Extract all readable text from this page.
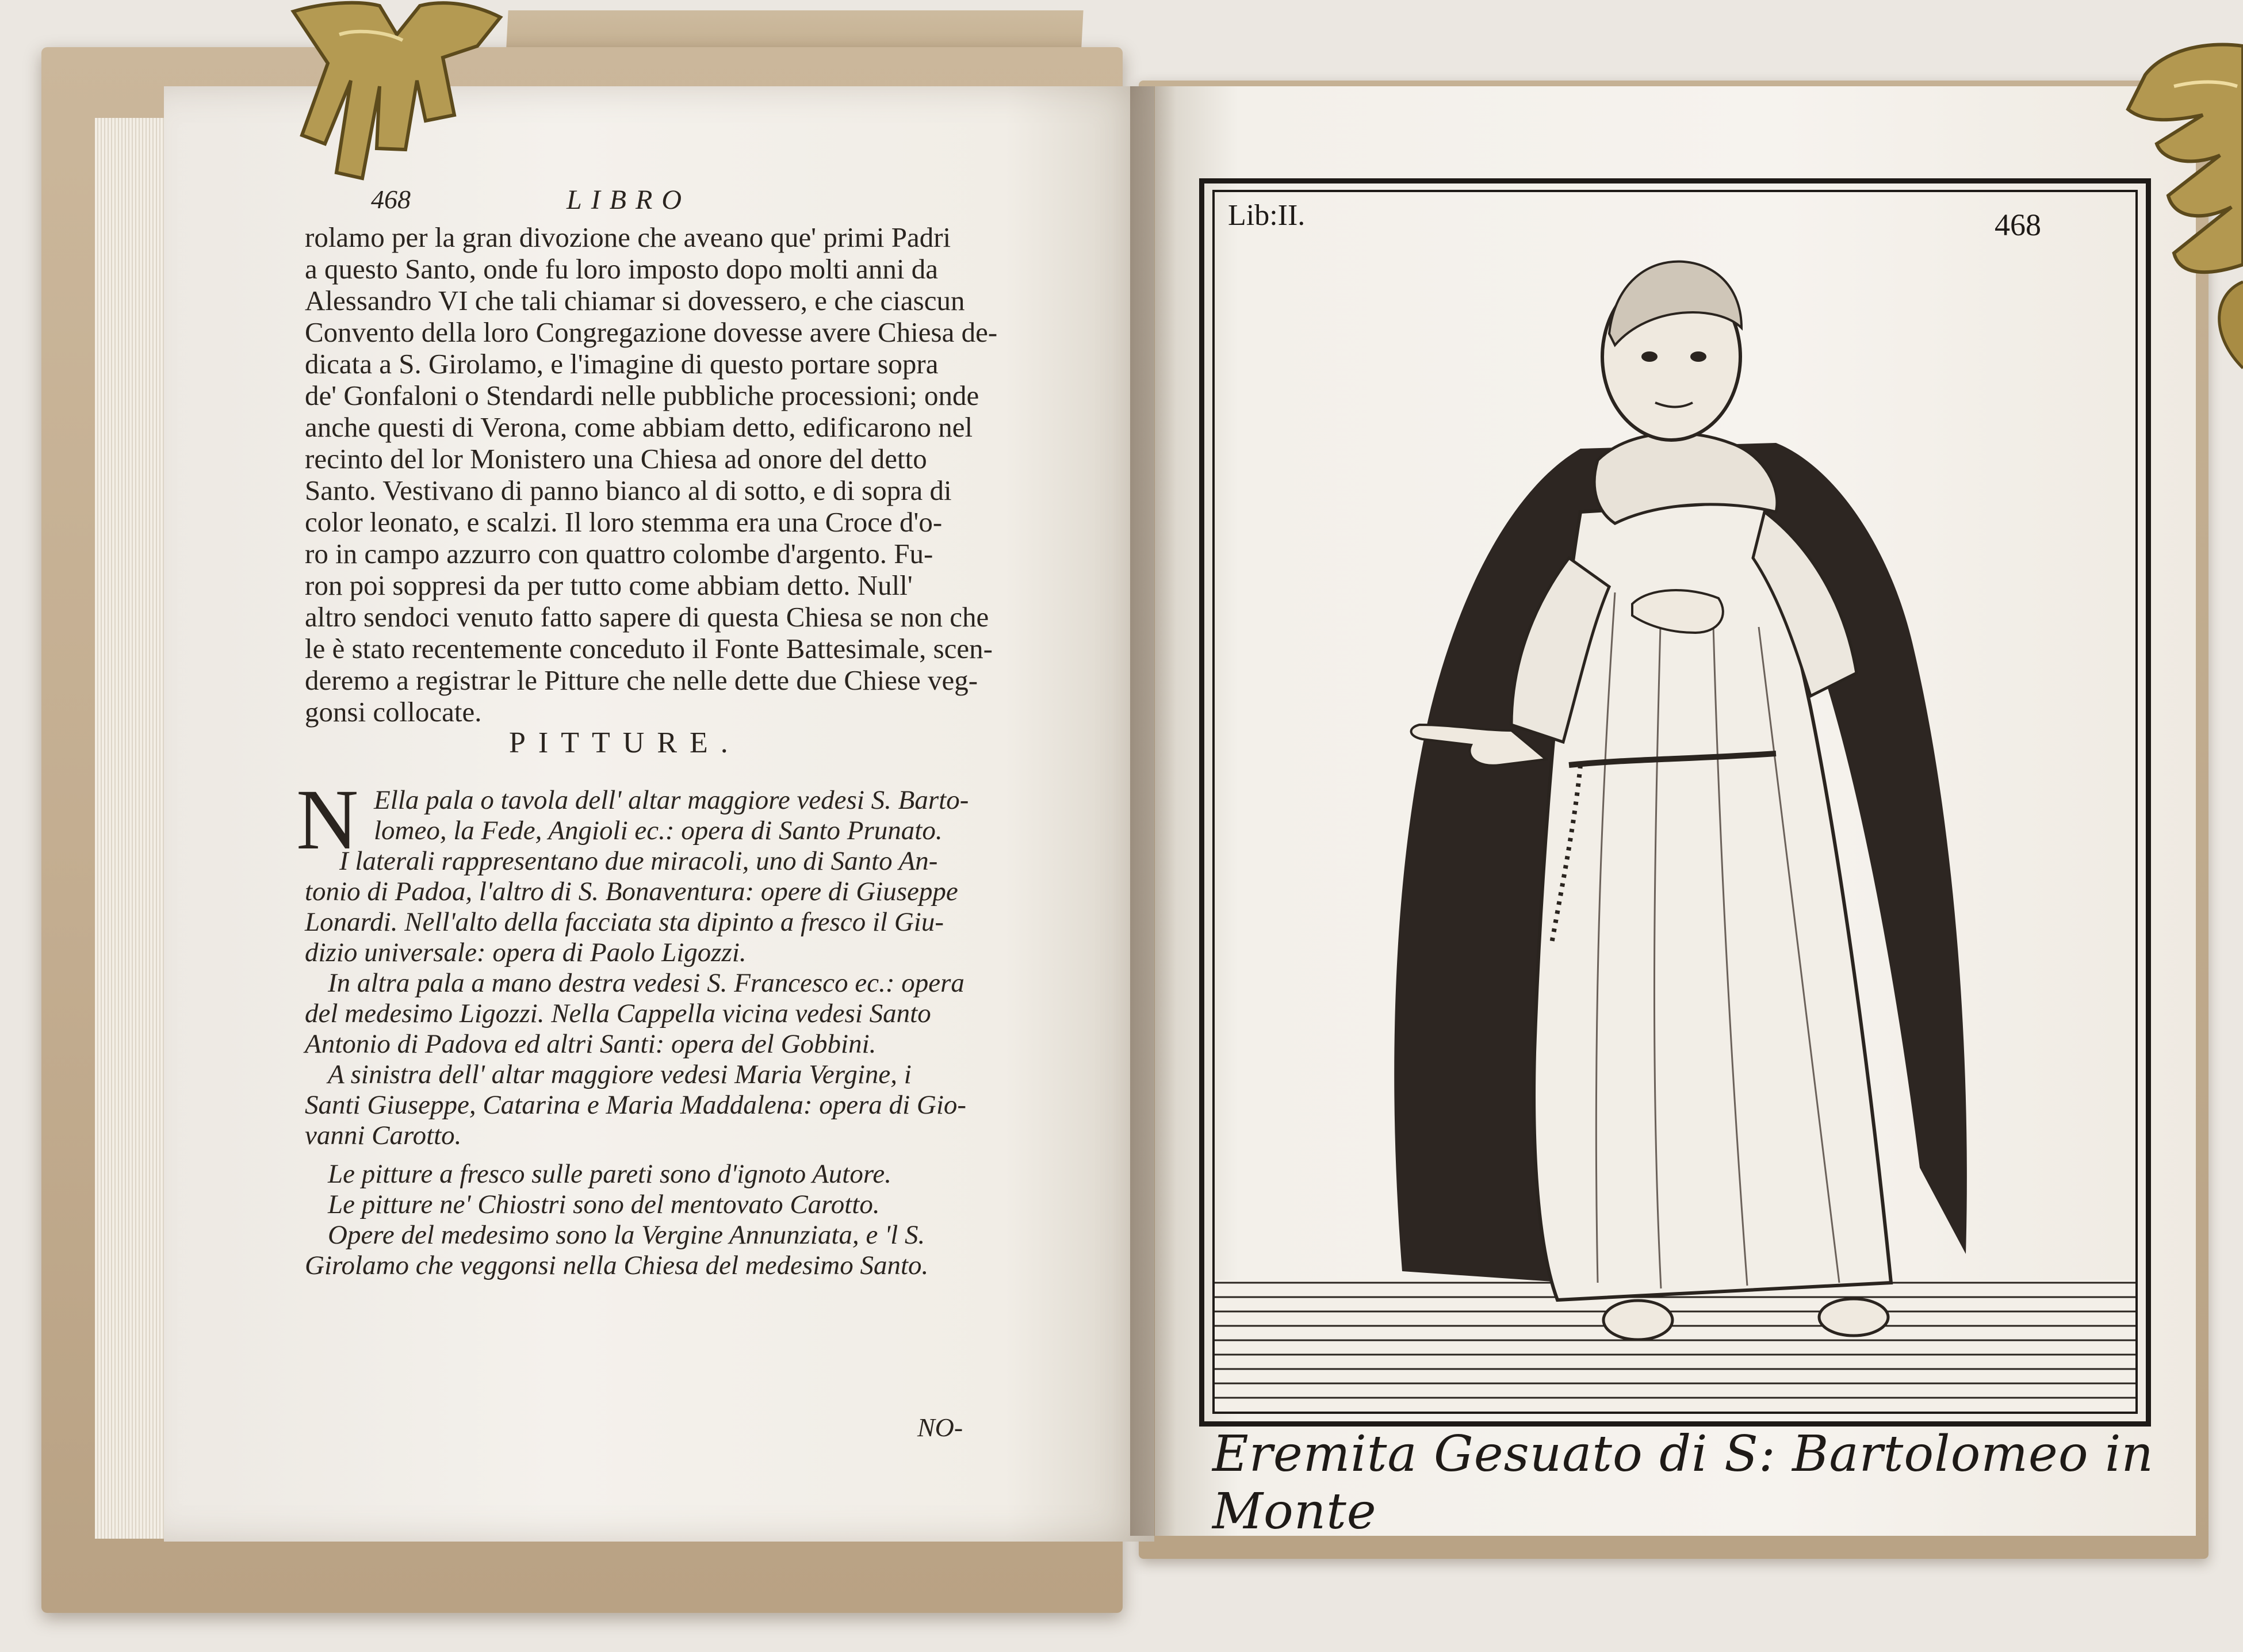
468	LIBRO
rolamo per la gran divozione che aveano que' primi Padri
a questo Santo, onde fu loro imposto dopo molti anni da
Alessandro VI che tali chiamar si dovessero, e che ciascun
Convento della loro Congregazione dovesse avere Chiesa de-
dicata a S. Girolamo, e l'imagine di questo portare sopra
de' Gonfaloni o Stendardi nelle pubbliche processioni; onde
anche questi di Verona, come abbiam detto, edificarono nel
recinto del lor Monistero una Chiesa ad onore del detto
Santo. Vestivano di panno bianco al di sotto, e di sopra di
color leonato, e scalzi. Il loro stemma era una Croce d'o-
ro in campo azzurro con quattro colombe d'argento. Fu-
ron poi soppresi da per tutto come abbiam detto. Null'
altro sendoci venuto fatto sapere di questa Chiesa se non che
le è stato recentemente conceduto il Fonte Battesimale, scen-
deremo a registrar le Pitture che nelle dette due Chiese veg-
gonsi collocate.
PITTURE.
N Ella pala o tavola dell' altar maggiore vedesi S. Barto-
lomeo, la Fede, Angioli ec.: opera di Santo Prunato.
I laterali rappresentano due miracoli, uno di Santo An-
tonio di Padoa, l'altro di S. Bonaventura: opere di Giuseppe
Lonardi. Nell'alto della facciata sta dipinto a fresco il Giu-
dizio universale: opera di Paolo Ligozzi.
In altra pala a mano destra vedesi S. Francesco ec.: opera
del medesimo Ligozzi. Nella Cappella vicina vedesi Santo
Antonio di Padova ed altri Santi: opera del Gobbini.
A sinistra dell' altar maggiore vedesi Maria Vergine, i
Santi Giuseppe, Catarina e Maria Maddalena: opera di Gio-
vanni Carotto.
Le pitture a fresco sulle pareti sono d'ignoto Autore.
Le pitture ne' Chiostri sono del mentovato Carotto.
Opere del medesimo sono la Vergine Annunziata, e 'l S.
Girolamo che veggonsi nella Chiesa del medesimo Santo.
NO-
Lib:II.	468
Eremita Gesuato di S: Bartolomeo in Monte
